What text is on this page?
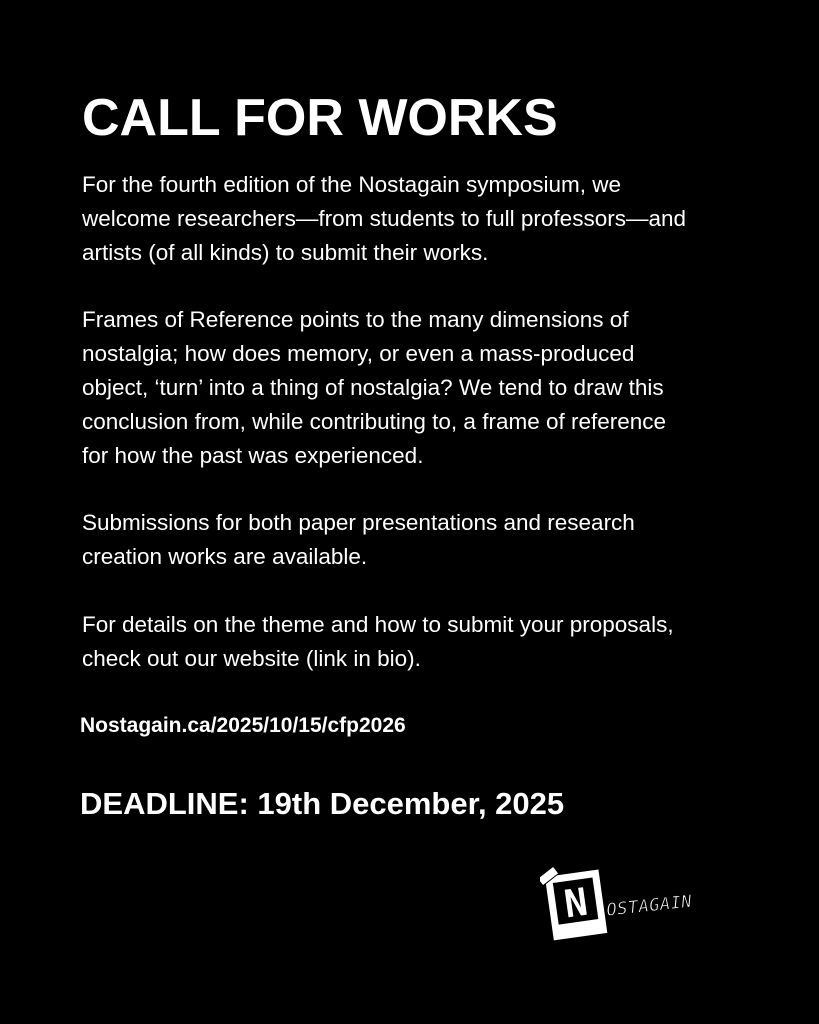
CALL FOR WORKS

For the fourth edition of the Nostagain symposium, we
welcome researchers—from students to full professors—and
artists (of all kinds) to submit their works.

Frames of Reference points to the many dimensions of
nostalgia; how does memory, or even a mass-produced
object, ‘turn’ into a thing of nostalgia? We tend to draw this
conclusion from, while contributing to, a frame of reference
for how the past was experienced.

Submissions for both paper presentations and research
creation works are available.

For details on the theme and how to submit your proposals,
check out our website (link in bio).

Nostagain.ca/2025/10/15/cfp2026

DEADLINE: 19th December, 2025

N OSTAGAIN
